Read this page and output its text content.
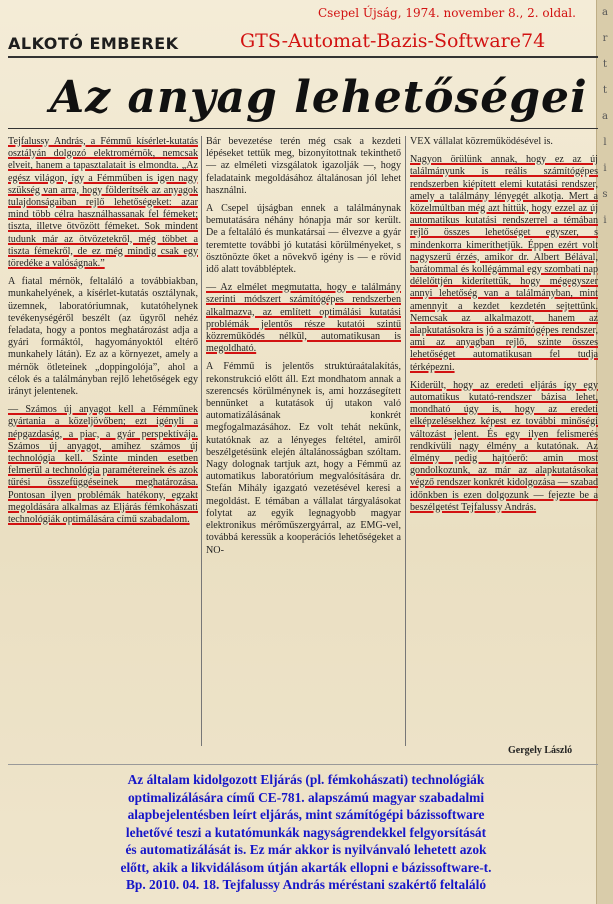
a
r
t
t
a
l
i
s
i
Csepel Újság, 1974. november 8., 2. oldal.
ALKOTÓ EMBEREK	GTS-Automat-Bazis-Software74
Az anyag lehetőségei

Tejfalussy András, a Fémmű kísérlet-kutatás osztályán dolgozó elektromérnök, nemcsak elveit, hanem a tapasztalatait is elmondta. „Az egész világon, így a Fémműben is igen nagy szükség van arra, hogy földerítsék az anyagok tulajdonságaiban rejlő lehetőségeket: azar mind több célra használhassanak fel fémeket; tiszta, illetve ötvözött fémeket. Sok mindent tudunk már az ötvözetekről, még többet a tiszta fémekről, de ez még mindig csak egy töredéke a valóságnak.”

A fiatal mérnök, feltaláló a továbbiakban, munkahelyének, a kísérlet-kutatás osztálynak, üzemnek, laboratóriumnak, kutatóhelynek tevékenységéről beszélt (az ügyről nehéz feladata, hogy a pontos meghatározást adja a gyári formáktól, hagyományoktól eltérő munkahely látán). Ez az a környezet, amely a mérnök ötleteinek „doppingolója”, ahol a célok és a találmányban rejlő lehetőségek egy irányt jelentenek.

— Számos új anyagot kell a Fémműnek gyártania a közeljövőben; ezt igényli a népgazdaság, a piac, a gyár perspektívája. Számos új anyagot, amihez számos új technológia kell. Szinte minden esetben felmerül a technológia paramétereinek és azok tűrési összefüggéseinek meghatározása. Pontosan ilyen problémák hatékony, egzakt megoldására alkalmas az Eljárás fémkohászati technológiák optimálására című szabadalom.

Bár bevezetése terén még csak a kezdeti lépéseket tettük meg, bizonyítottnak tekinthető — az elméleti vizsgálatok igazolják —, hogy feladataink megoldásához általánosan jól lehet használni.

A Csepel újságban ennek a találmánynak bemutatására néhány hónapja már sor került. De a feltaláló és munkatársai — élvezve a gyár teremtette további jó kutatási körülményeket, s ösztönözte őket a növekvő igény is — e rövid idő alatt továbbléptek.

— Az elmélet megmutatta, hogy e találmány szerinti módszert számítógépes rendszerben alkalmazva, az említett optimálási kutatási problémák jelentős része kutatói szintű közreműködés nélkül, automatikusan is megoldható.

A Fémmű is jelentős struktúraátalakítás, rekonstrukció előtt áll. Ezt mondhatom annak a szerencsés körülménynek is, ami hozzásegített bennünket a kutatások új utakon való automatizálásának konkrét megfogalmazásához. Ez volt tehát nekünk, kutatóknak az a lényeges feltétel, amiről beszélgetésünk elején általánosságban szóltam. Nagy dolognak tartjuk azt, hogy a Fémmű az automatikus laboratórium megvalósítására dr. Stefán Mihály igazgató vezetésével keresi a megoldást. E témában a vállalat tárgyalásokat folytat az egyik legnagyobb magyar elektronikus mérőműszergyárral, az EMG-vel, továbbá keressük a kooperációs lehetőségeket a NO-

VEX vállalat közreműködésével is.

Nagyon örülünk annak, hogy ez az új találmányunk is reális számítógépes rendszerben kiépített elemi kutatási rendszer, amely a találmány lényegét alkotja. Mert a közelmúltban még azt hittük, hogy ezzel az új automatikus kutatási rendszerrel a témában rejlő összes lehetőséget egyszer, s mindenkorra kimeríthetjük. Éppen ezért volt nagyszerű érzés, amikor dr. Albert Bélával, barátommal és kollégámmal egy szombati nap délelőttjén kiderítettük, hogy mégegyszer annyi lehetőség van a találmányban, mint amennyit a kezdet kezdetén sejtettünk. Nemcsak az alkalmazott, hanem az alapkutatásokra is jó a számítógépes rendszer, ami az anyagban rejlő, szinte összes lehetőséget automatikusan fel tudja térképezni.

Kiderült, hogy az eredeti eljárás így egy automatikus kutató-rendszer bázisa lehet, mondható úgy is, hogy az eredeti elképzelésekhez képest ez további minőségi változást jelent. És egy ilyen felismerés rendkívüli nagy élmény a kutatónak. Az élmény pedig hajtóerő: amin most gondolkozunk, az már az alapkutatásokat végző rendszer konkrét kidolgozása — szabad időnkben is ezen dolgozunk — fejezte be a beszélgetést Tejfalussy András.

Gergely László
Az általam kidolgozott Eljárás (pl. fémkohászati) technológiák
optimalizálására című CE-781. alapszámú magyar szabadalmi
alapbejelentésben leírt eljárás, mint számítógépi bázissoftware
lehetővé teszi a kutatómunkák nagyságrendekkel felgyorsítását
és automatizálását is. Ez már akkor is nyilvánvaló lehetett azok
előtt, akik a likvidálásom útján akarták ellopni e bázissoftware-t.
Bp. 2010. 04. 18. Tejfalussy András méréstani szakértő feltaláló
